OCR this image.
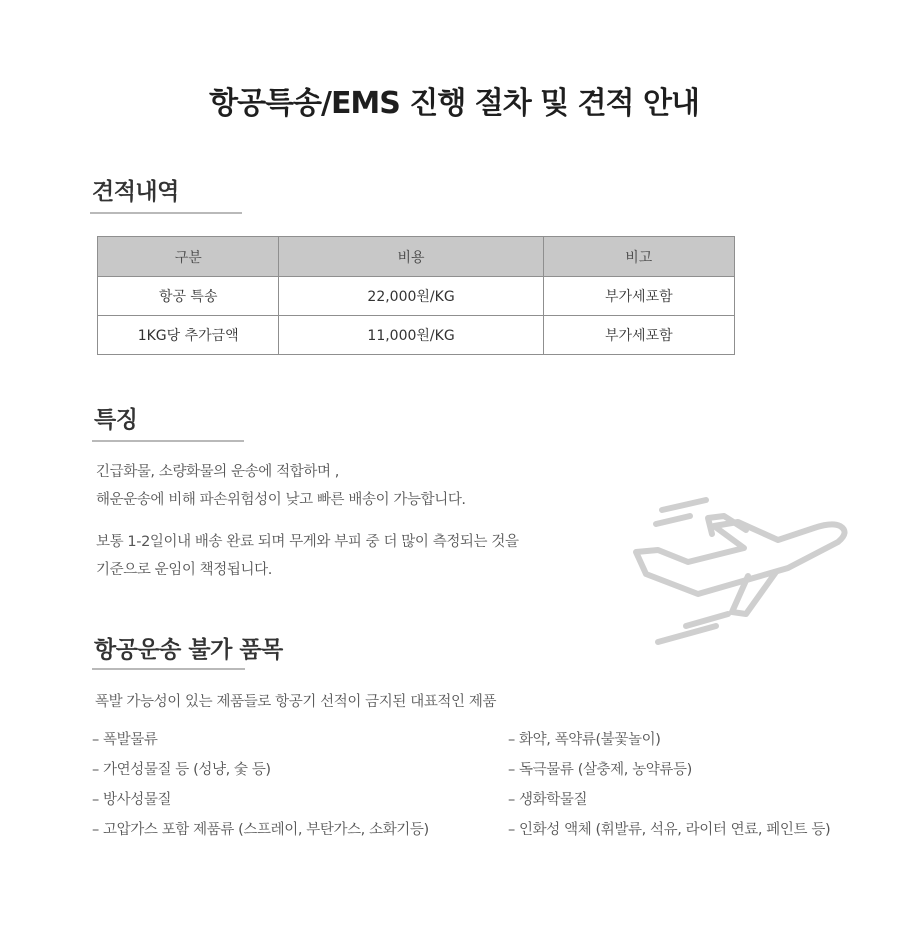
항공특송/EMS 진행 절차 및 견적 안내
견적내역
구분	비용	비고
항공 특송	22,000원/KG	부가세포함
1KG당 추가금액	11,000원/KG	부가세포함
특징
긴급화물, 소량화물의 운송에 적합하며 ,
해운운송에 비해 파손위험성이 낮고 빠른 배송이 가능합니다.
보통 1-2일이내 배송 완료 되며 무게와 부피 중 더 많이 측정되는 것을
기준으로 운임이 책정됩니다.
항공운송 불가 품목
폭발 가능성이 있는 제품들로 항공기 선적이 금지된 대표적인 제품
– 폭발물류
– 가연성물질 등 (성냥, 숯 등)
– 방사성물질
– 고압가스 포함 제품류 (스프레이, 부탄가스, 소화기등)
– 화약, 폭약류(불꽃놀이)
– 독극물류 (살충제, 농약류등)
– 생화학물질
– 인화성 액체 (휘발류, 석유, 라이터 연료, 페인트 등)
